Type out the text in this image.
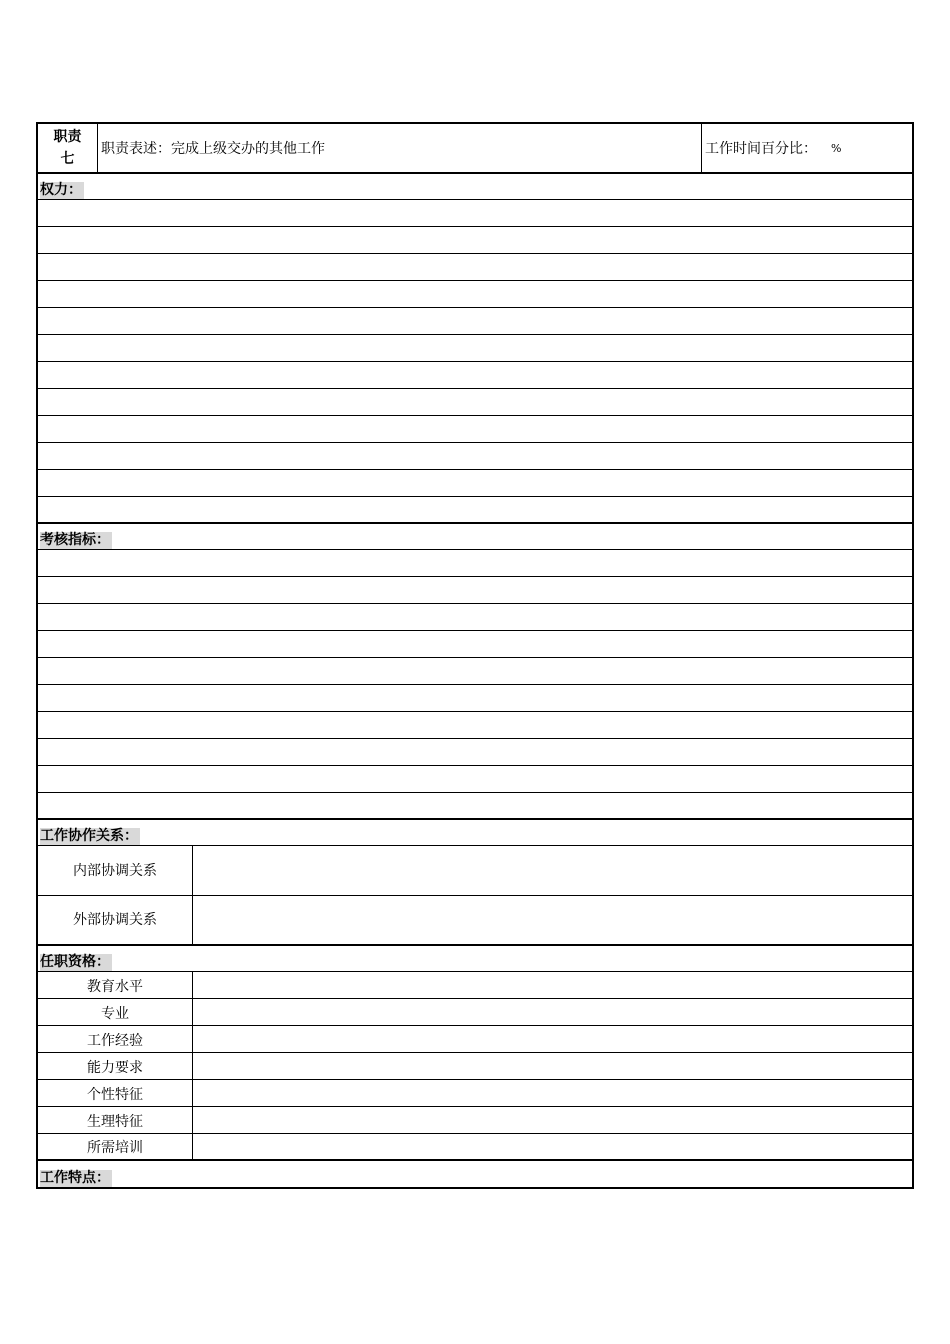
职责
七
职责表述：完成上级交办的其他工作	工作时间百分比： %
权力：
考核指标：
工作协作关系：
内部协调关系
外部协调关系
任职资格：
教育水平
专业
工作经验
能力要求
个性特征
生理特征
所需培训
工作特点：
